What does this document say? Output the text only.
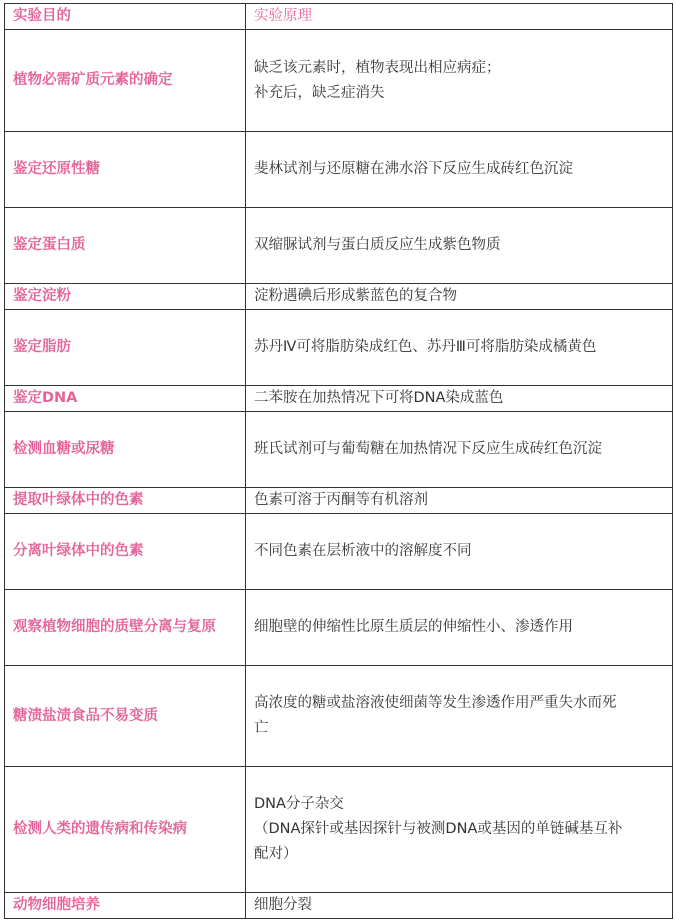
实验目的	实验原理
植物必需矿质元素的确定	缺乏该元素时，植物表现出相应病症；
补充后，缺乏症消失

鉴定还原性糖	斐林试剂与还原糖在沸水浴下反应生成砖红色沉淀

鉴定蛋白质	双缩脲试剂与蛋白质反应生成紫色物质

鉴定淀粉	淀粉遇碘后形成紫蓝色的复合物

鉴定脂肪	苏丹Ⅳ可将脂肪染成红色、苏丹Ⅲ可将脂肪染成橘黄色

鉴定DNA	二苯胺在加热情况下可将DNA染成蓝色

检测血糖或尿糖	班氏试剂可与葡萄糖在加热情况下反应生成砖红色沉淀

提取叶绿体中的色素	色素可溶于丙酮等有机溶剂

分离叶绿体中的色素	不同色素在层析液中的溶解度不同

观察植物细胞的质壁分离与复原	细胞壁的伸缩性比原生质层的伸缩性小、渗透作用

糖渍盐渍食品不易变质	高浓度的糖或盐溶液使细菌等发生渗透作用严重失水而死
亡

检测人类的遗传病和传染病	DNA分子杂交
（DNA探针或基因探针与被测DNA或基因的单链碱基互补
配对）

动物细胞培养	细胞分裂
